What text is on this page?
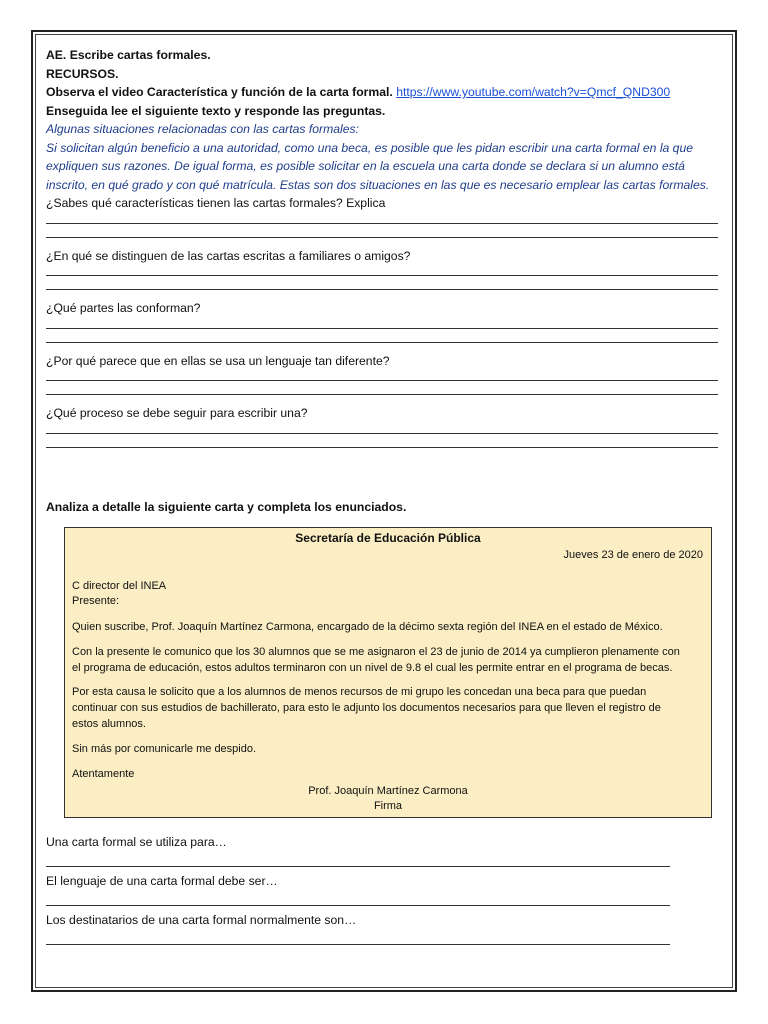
AE. Escribe cartas formales.
RECURSOS.
Observa el video Característica y función de la carta formal. https://www.youtube.com/watch?v=Qmcf_QND300
Enseguida lee el siguiente texto y responde las preguntas.
Algunas situaciones relacionadas con las cartas formales:
Si solicitan algún beneficio a una autoridad, como una beca, es posible que les pidan escribir una carta formal en la que
expliquen sus razones. De igual forma, es posible solicitar en la escuela una carta donde se declara si un alumno está
inscrito, en qué grado y con qué matrícula. Estas son dos situaciones en las que es necesario emplear las cartas formales.
¿Sabes qué características tienen las cartas formales? Explica
¿En qué se distinguen de las cartas escritas a familiares o amigos?
¿Qué partes las conforman?
¿Por qué parece que en ellas se usa un lenguaje tan diferente?
¿Qué proceso se debe seguir para escribir una?
Analiza a detalle la siguiente carta y completa los enunciados.
Secretaría de Educación Pública
Jueves 23 de enero de 2020

C director del INEA

Presente:

Quien suscribe, Prof. Joaquín Martínez Carmona, encargado de la décimo sexta región del INEA en el estado de México.

Con la presente le comunico que los 30 alumnos que se me asignaron el 23 de junio de 2014 ya cumplieron plenamente con

el programa de educación, estos adultos terminaron con un nivel de 9.8 el cual les permite entrar en el programa de becas.

Por esta causa le solicito que a los alumnos de menos recursos de mi grupo les concedan una beca para que puedan

continuar con sus estudios de bachillerato, para esto le adjunto los documentos necesarios para que lleven el registro de

estos alumnos.

Sin más por comunicarle me despido.

Atentamente

Prof. Joaquín Martínez Carmona
Firma
Una carta formal se utiliza para…
El lenguaje de una carta formal debe ser…
Los destinatarios de una carta formal normalmente son…
